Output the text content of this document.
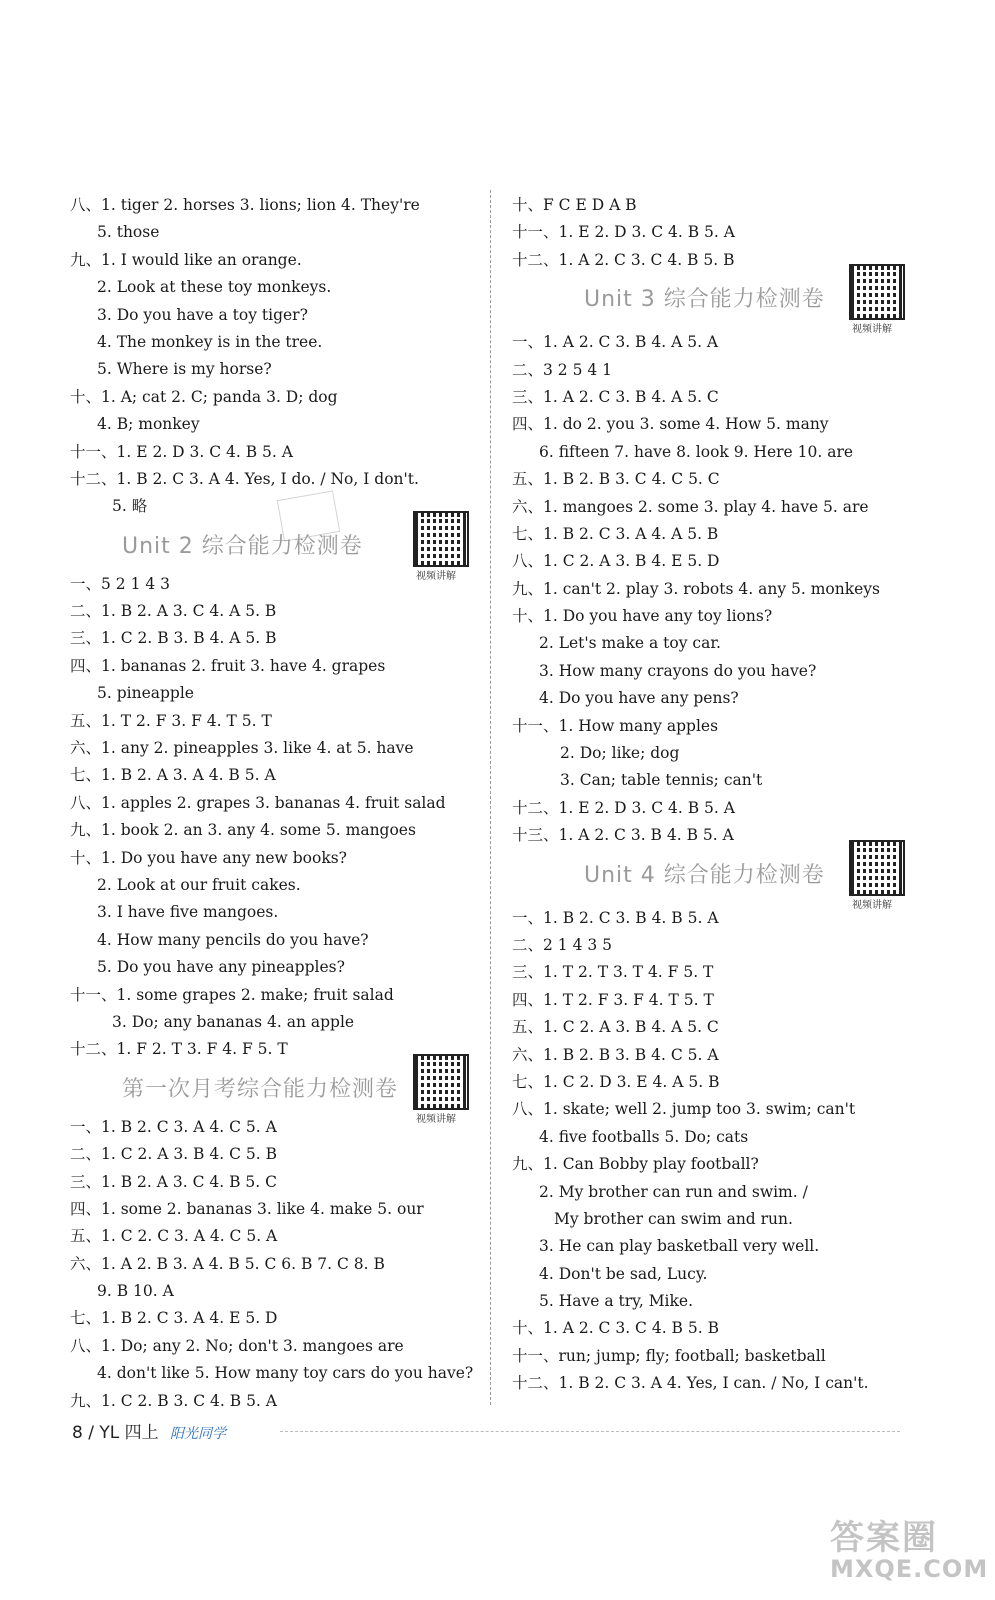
八、1. tiger 2. horses 3. lions; lion 4. They're
5. those
九、1. I would like an orange.
2. Look at these toy monkeys.
3. Do you have a toy tiger?
4. The monkey is in the tree.
5. Where is my horse?
十、1. A; cat 2. C; panda 3. D; dog
4. B; monkey
十一、1. E 2. D 3. C 4. B 5. A
十二、1. B 2. C 3. A 4. Yes, I do. / No, I don't.
5. 略
Unit 2 综合能力检测卷
视频讲解
一、5 2 1 4 3
二、1. B 2. A 3. C 4. A 5. B
三、1. C 2. B 3. B 4. A 5. B
四、1. bananas 2. fruit 3. have 4. grapes
5. pineapple
五、1. T 2. F 3. F 4. T 5. T
六、1. any 2. pineapples 3. like 4. at 5. have
七、1. B 2. A 3. A 4. B 5. A
八、1. apples 2. grapes 3. bananas 4. fruit salad
九、1. book 2. an 3. any 4. some 5. mangoes
十、1. Do you have any new books?
2. Look at our fruit cakes.
3. I have five mangoes.
4. How many pencils do you have?
5. Do you have any pineapples?
十一、1. some grapes 2. make; fruit salad
3. Do; any bananas 4. an apple
十二、1. F 2. T 3. F 4. F 5. T
第一次月考综合能力检测卷
视频讲解
一、1. B 2. C 3. A 4. C 5. A
二、1. C 2. A 3. B 4. C 5. B
三、1. B 2. A 3. C 4. B 5. C
四、1. some 2. bananas 3. like 4. make 5. our
五、1. C 2. C 3. A 4. C 5. A
六、1. A 2. B 3. A 4. B 5. C 6. B 7. C 8. B
9. B 10. A
七、1. B 2. C 3. A 4. E 5. D
八、1. Do; any 2. No; don't 3. mangoes are
4. don't like 5. How many toy cars do you have?
九、1. C 2. B 3. C 4. B 5. A
十、F C E D A B
十一、1. E 2. D 3. C 4. B 5. A
十二、1. A 2. C 3. C 4. B 5. B
Unit 3 综合能力检测卷
视频讲解
一、1. A 2. C 3. B 4. A 5. A
二、3 2 5 4 1
三、1. A 2. C 3. B 4. A 5. C
四、1. do 2. you 3. some 4. How 5. many
6. fifteen 7. have 8. look 9. Here 10. are
五、1. B 2. B 3. C 4. C 5. C
六、1. mangoes 2. some 3. play 4. have 5. are
七、1. B 2. C 3. A 4. A 5. B
八、1. C 2. A 3. B 4. E 5. D
九、1. can't 2. play 3. robots 4. any 5. monkeys
十、1. Do you have any toy lions?
2. Let's make a toy car.
3. How many crayons do you have?
4. Do you have any pens?
十一、1. How many apples
2. Do; like; dog
3. Can; table tennis; can't
十二、1. E 2. D 3. C 4. B 5. A
十三、1. A 2. C 3. B 4. B 5. A
Unit 4 综合能力检测卷
视频讲解
一、1. B 2. C 3. B 4. B 5. A
二、2 1 4 3 5
三、1. T 2. T 3. T 4. F 5. T
四、1. T 2. F 3. F 4. T 5. T
五、1. C 2. A 3. B 4. A 5. C
六、1. B 2. B 3. B 4. C 5. A
七、1. C 2. D 3. E 4. A 5. B
八、1. skate; well 2. jump too 3. swim; can't
4. five footballs 5. Do; cats
九、1. Can Bobby play football?
2. My brother can run and swim. /
My brother can swim and run.
3. He can play basketball very well.
4. Don't be sad, Lucy.
5. Have a try, Mike.
十、1. A 2. C 3. C 4. B 5. B
十一、run; jump; fly; football; basketball
十二、1. B 2. C 3. A 4. Yes, I can. / No, I can't.
8 / YL 四上 阳光同学
答案圈
MXQE.COM
